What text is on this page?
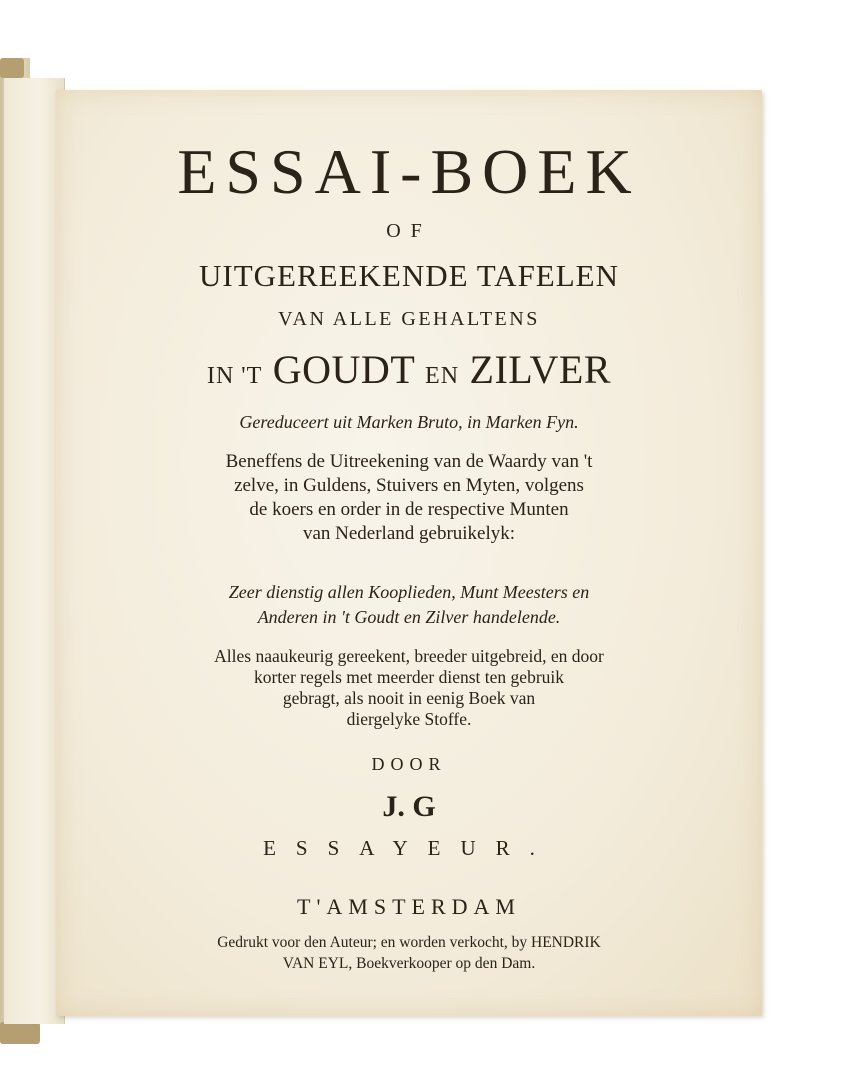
ESSAI-BOEK
OF
UITGEREEKENDE TAFELEN
VAN ALLE GEHALTENS
IN 'T GOUDT EN ZILVER
Gereduceert uit Marken Bruto, in Marken Fyn.
Beneffens de Uitreekening van de Waardy van 't
zelve, in Guldens, Stuivers en Myten, volgens
de koers en order in de respective Munten
van Nederland gebruikelyk:
Zeer dienstig allen Kooplieden, Munt Meesters en
Anderen in 't Goudt en Zilver handelende.
Alles naaukeurig gereekent, breeder uitgebreid, en door
korter regels met meerder dienst ten gebruik
gebragt, als nooit in eenig Boek van
diergelyke Stoffe.
DOOR
J. G
ESSAYEUR.
T'AMSTERDAM
Gedrukt voor den Auteur; en worden verkocht, by HENDRIK
VAN EYL, Boekverkooper op den Dam.
